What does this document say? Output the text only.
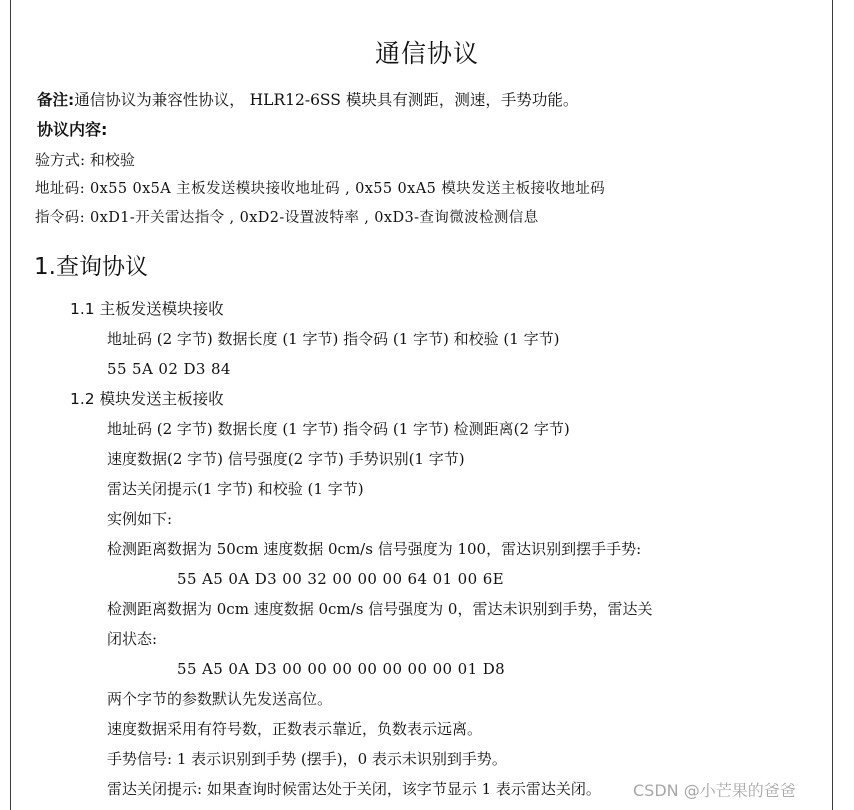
通信协议
备注:通信协议为兼容性协议， HLR12-6SS 模块具有测距，测速，手势功能。
协议内容:
验方式: 和校验
地址码: 0x55 0x5A 主板发送模块接收地址码 , 0x55 0xA5 模块发送主板接收地址码
指令码: 0xD1-开关雷达指令 , 0xD2-设置波特率 , 0xD3-查询微波检测信息
1.查询协议
1.1 主板发送模块接收
地址码 (2 字节) 数据长度 (1 字节) 指令码 (1 字节) 和校验 (1 字节)
55 5A 02 D3 84
1.2 模块发送主板接收
地址码 (2 字节) 数据长度 (1 字节) 指令码 (1 字节) 检测距离(2 字节)
速度数据(2 字节) 信号强度(2 字节) 手势识别(1 字节)
雷达关闭提示(1 字节) 和校验 (1 字节)
实例如下:
检测距离数据为 50cm 速度数据 0cm/s 信号强度为 100，雷达识别到摆手手势:
55 A5 0A D3 00 32 00 00 00 64 01 00 6E
检测距离数据为 0cm 速度数据 0cm/s 信号强度为 0，雷达未识别到手势，雷达关
闭状态:
55 A5 0A D3 00 00 00 00 00 00 00 01 D8
两个字节的参数默认先发送高位。
速度数据采用有符号数，正数表示靠近，负数表示远离。
手势信号: 1 表示识别到手势 (摆手)，0 表示未识别到手势。
雷达关闭提示: 如果查询时候雷达处于关闭，该字节显示 1 表示雷达关闭。 CSDN @小芒果的爸爸
